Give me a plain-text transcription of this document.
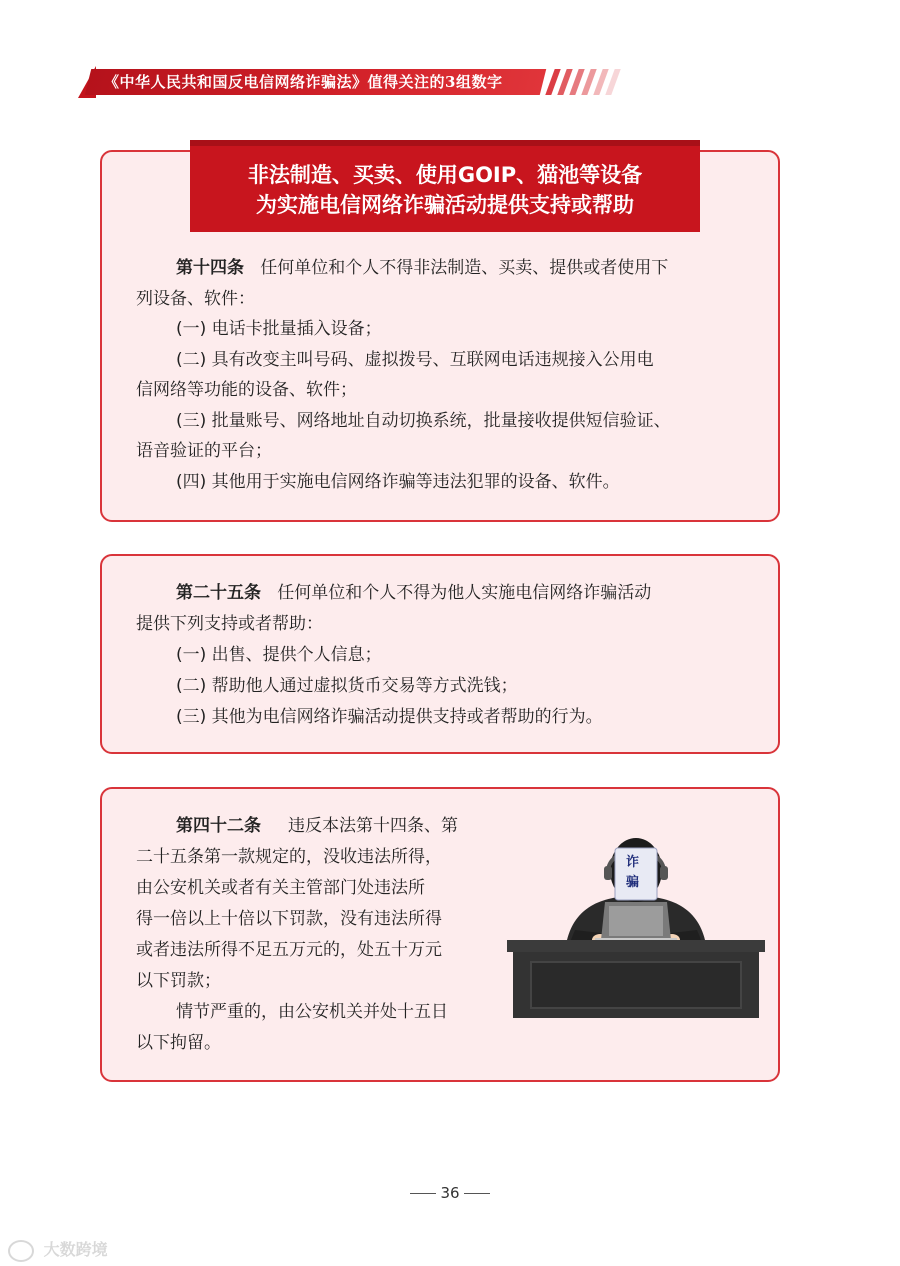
《中华人民共和国反电信网络诈骗法》值得关注的3组数字
非法制造、买卖、使用GOIP、猫池等设备
为实施电信网络诈骗活动提供支持或帮助
第十四条 任何单位和个人不得非法制造、买卖、提供或者使用下
列设备、软件：
(一) 电话卡批量插入设备；
(二) 具有改变主叫号码、虚拟拨号、互联网电话违规接入公用电
信网络等功能的设备、软件；
(三) 批量账号、网络地址自动切换系统，批量接收提供短信验证、
语音验证的平台；
(四) 其他用于实施电信网络诈骗等违法犯罪的设备、软件。
第二十五条 任何单位和个人不得为他人实施电信网络诈骗活动
提供下列支持或者帮助：
(一) 出售、提供个人信息；
(二) 帮助他人通过虚拟货币交易等方式洗钱；
(三) 其他为电信网络诈骗活动提供支持或者帮助的行为。
第四十二条 违反本法第十四条、第
二十五条第一款规定的，没收违法所得，
由公安机关或者有关主管部门处违法所
得一倍以上十倍以下罚款，没有违法所得
或者违法所得不足五万元的，处五十万元
以下罚款；
情节严重的，由公安机关并处十五日
以下拘留。
诈
骗
36
大数跨境
